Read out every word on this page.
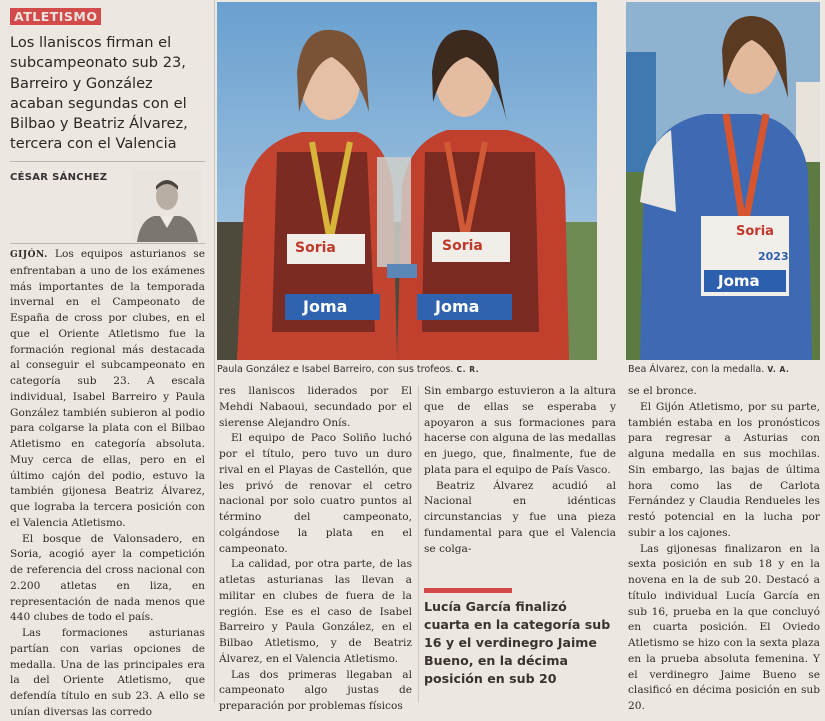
ATLETISMO
Los llaniscos firman el subcampeonato sub 23, Barreiro y González acaban segundas con el Bilbao y Beatriz Álvarez, tercera con el Valencia
CÉSAR SÁNCHEZ

GIJÓN. Los equipos asturianos se enfrentaban a uno de los exámenes más importantes de la temporada invernal en el Campeonato de España de cross por clubes, en el que el Oriente Atletismo fue la formación regional más destacada al conseguir el subcampeonato en categoría sub 23. A escala individual, Isabel Barreiro y Paula González también subieron al podio para colgarse la plata con el Bilbao Atletismo en categoría absoluta. Muy cerca de ellas, pero en el último cajón del podio, estuvo la también gijonesa Beatriz Álvarez, que lograba la tercera posición con el Valencia Atletismo.

El bosque de Valonsadero, en Soria, acogió ayer la competición de referencia del cross nacional con 2.200 atletas en liza, en representación de nada menos que 440 clubes de todo el país.

Las formaciones asturianas partían con varias opciones de medalla. Una de las principales era la del Oriente Atletismo, que defendía título en sub 23. A ello se unían diversas las corredo

Soria	Soria
Joma	Joma
Paula González e Isabel Barreiro, con sus trofeos. C. R.
Soria
2023
Joma
Bea Álvarez, con la medalla. V. A.

res llaniscos liderados por El Mehdi Nabaoui, secundado por el sierense Alejandro Onís.

El equipo de Paco Soliño luchó por el título, pero tuvo un duro rival en el Playas de Castellón, que les privó de renovar el cetro nacional por solo cuatro puntos al término del campeonato, colgándose la plata en el campeonato.

La calidad, por otra parte, de las atletas asturianas las llevan a militar en clubes de fuera de la región. Ese es el caso de Isabel Barreiro y Paula González, en el Bilbao Atletismo, y de Beatriz Álvarez, en el Valencia Atletismo.

Las dos primeras llegaban al campeonato algo justas de preparación por problemas físicos

Sin embargo estuvieron a la altura que de ellas se esperaba y apoyaron a sus formaciones para hacerse con alguna de las medallas en juego, que, finalmente, fue de plata para el equipo de País Vasco.

Beatriz Álvarez acudió al Nacional en idénticas circunstancias y fue una pieza fundamental para que el Valencia se colga-

Lucía García finalizó cuarta en la categoría sub 16 y el verdinegro Jaime Bueno, en la décima posición en sub 20

se el bronce.

El Gijón Atletismo, por su parte, también estaba en los pronósticos para regresar a Asturias con alguna medalla en sus mochilas. Sin embargo, las bajas de última hora como las de Carlota Fernández y Claudia Rendueles les restó potencial en la lucha por subir a los cajones.

Las gijonesas finalizaron en la sexta posición en sub 18 y en la novena en la de sub 20. Destacó a título individual Lucía García en sub 16, prueba en la que concluyó en cuarta posición. El Oviedo Atletismo se hizo con la sexta plaza en la prueba absoluta femenina. Y el verdinegro Jaime Bueno se clasificó en décima posición en sub 20.
